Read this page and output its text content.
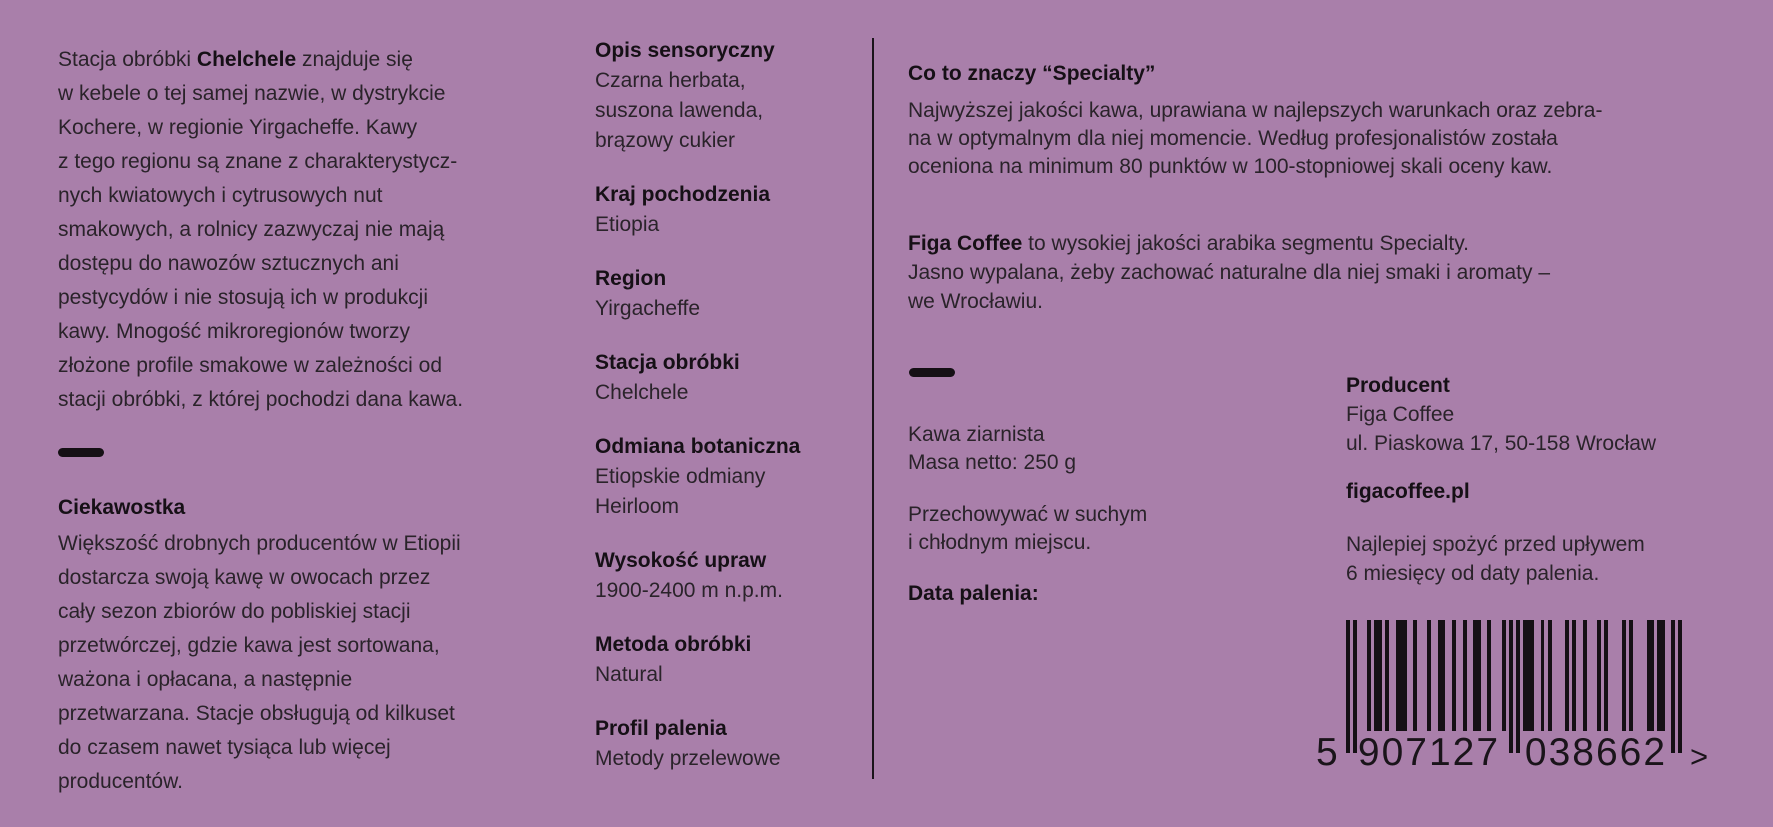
Stacja obróbki Chelchele znajduje się
w kebele o tej samej nazwie, w dystrykcie
Kochere, w regionie Yirgacheffe. Kawy
z tego regionu są znane z charakterystycz-
nych kwiatowych i cytrusowych nut
smakowych, a rolnicy zazwyczaj nie mają
dostępu do nawozów sztucznych ani
pestycydów i nie stosują ich w produkcji
kawy. Mnogość mikroregionów tworzy
złożone profile smakowe w zależności od
stacji obróbki, z której pochodzi dana kawa.
Ciekawostka
Większość drobnych producentów w Etiopii
dostarcza swoją kawę w owocach przez
cały sezon zbiorów do pobliskiej stacji
przetwórczej, gdzie kawa jest sortowana,
ważona i opłacana, a następnie
przetwarzana. Stacje obsługują od kilkuset
do czasem nawet tysiąca lub więcej
producentów.
Opis sensoryczny
Czarna herbata,
suszona lawenda,
brązowy cukier
Kraj pochodzenia
Etiopia
Region
Yirgacheffe
Stacja obróbki
Chelchele
Odmiana botaniczna
Etiopskie odmiany
Heirloom
Wysokość upraw
1900-2400 m n.p.m.
Metoda obróbki
Natural
Profil palenia
Metody przelewowe
Co to znaczy “Specialty”
Najwyższej jakości kawa, uprawiana w najlepszych warunkach oraz zebra-
na w optymalnym dla niej momencie. Według profesjonalistów została
oceniona na minimum 80 punktów w 100-stopniowej skali oceny kaw.
Figa Coffee to wysokiej jakości arabika segmentu Specialty.
Jasno wypalana, żeby zachować naturalne dla niej smaki i aromaty –
we Wrocławiu.
Kawa ziarnista
Masa netto: 250 g
Przechowywać w suchym
i chłodnym miejscu.
Data palenia:
Producent
Figa Coffee
ul. Piaskowa 17, 50-158 Wrocław
figacoffee.pl
Najlepiej spożyć przed upływem
6 miesięcy od daty palenia.
5 907127 038662 >
